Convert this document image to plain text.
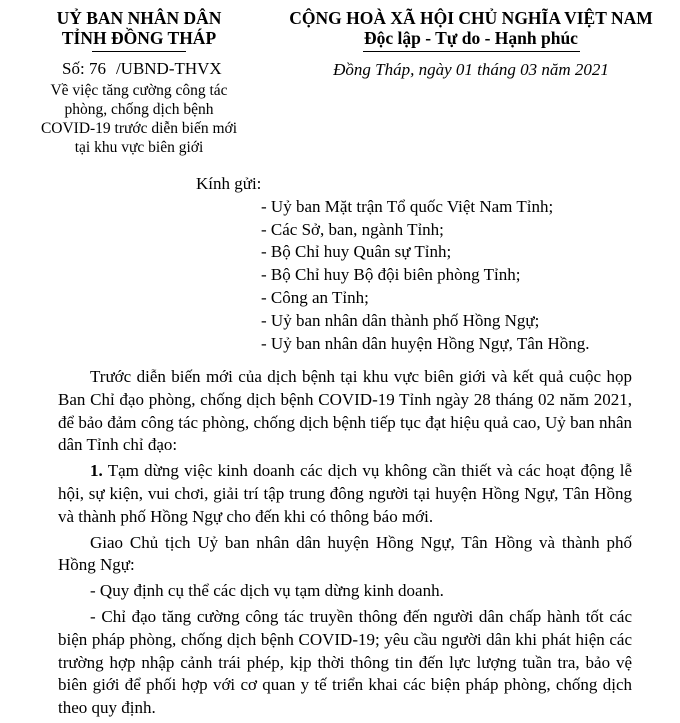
UỶ BAN NHÂN DÂN
TỈNH ĐỒNG THÁP
Số: 76 /UBND-THVX
Về việc tăng cường công tác
phòng, chống dịch bệnh
COVID-19 trước diễn biến mới
tại khu vực biên giới
CỘNG HOÀ XÃ HỘI CHỦ NGHĨA VIỆT NAM
Độc lập - Tự do - Hạnh phúc
Đồng Tháp, ngày 01 tháng 03 năm 2021
Kính gửi:
- Uỷ ban Mặt trận Tổ quốc Việt Nam Tỉnh;
- Các Sở, ban, ngành Tỉnh;
- Bộ Chỉ huy Quân sự Tỉnh;
- Bộ Chỉ huy Bộ đội biên phòng Tỉnh;
- Công an Tỉnh;
- Uỷ ban nhân dân thành phố Hồng Ngự;
- Uỷ ban nhân dân huyện Hồng Ngự, Tân Hồng.

Trước diễn biến mới của dịch bệnh tại khu vực biên giới và kết quả cuộc họp Ban Chỉ đạo phòng, chống dịch bệnh COVID-19 Tỉnh ngày 28 tháng 02 năm 2021, để bảo đảm công tác phòng, chống dịch bệnh tiếp tục đạt hiệu quả cao, Uỷ ban nhân dân Tỉnh chỉ đạo:

1. Tạm dừng việc kinh doanh các dịch vụ không cần thiết và các hoạt động lễ hội, sự kiện, vui chơi, giải trí tập trung đông người tại huyện Hồng Ngự, Tân Hồng và thành phố Hồng Ngự cho đến khi có thông báo mới.

Giao Chủ tịch Uỷ ban nhân dân huyện Hồng Ngự, Tân Hồng và thành phố Hồng Ngự:

- Quy định cụ thể các dịch vụ tạm dừng kinh doanh.

- Chỉ đạo tăng cường công tác truyền thông đến người dân chấp hành tốt các biện pháp phòng, chống dịch bệnh COVID-19; yêu cầu người dân khi phát hiện các trường hợp nhập cảnh trái phép, kịp thời thông tin đến lực lượng tuần tra, bảo vệ biên giới để phối hợp với cơ quan y tế triển khai các biện pháp phòng, chống dịch theo quy định.
